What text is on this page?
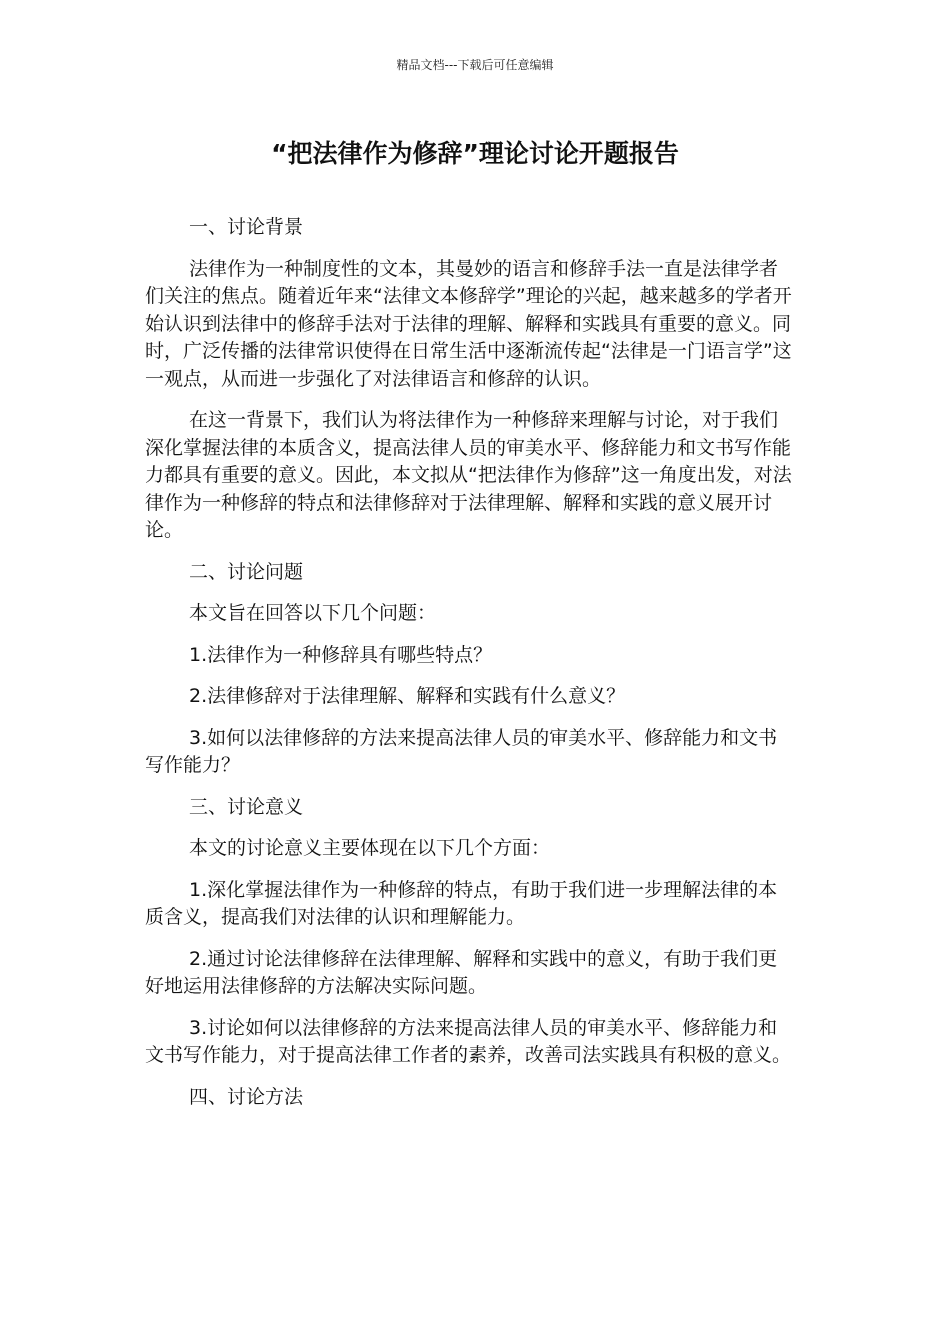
精品文档---下载后可任意编辑
“把法律作为修辞”理论讨论开题报告

一、讨论背景

法律作为一种制度性的文本，其曼妙的语言和修辞手法一直是法律学者们关注的焦点。随着近年来“法律文本修辞学”理论的兴起，越来越多的学者开始认识到法律中的修辞手法对于法律的理解、解释和实践具有重要的意义。同时，广泛传播的法律常识使得在日常生活中逐渐流传起“法律是一门语言学”这一观点，从而进一步强化了对法律语言和修辞的认识。

在这一背景下，我们认为将法律作为一种修辞来理解与讨论，对于我们深化掌握法律的本质含义，提高法律人员的审美水平、修辞能力和文书写作能力都具有重要的意义。因此，本文拟从“把法律作为修辞”这一角度出发，对法律作为一种修辞的特点和法律修辞对于法律理解、解释和实践的意义展开讨论。

二、讨论问题

本文旨在回答以下几个问题：

1.法律作为一种修辞具有哪些特点？

2.法律修辞对于法律理解、解释和实践有什么意义？

3.如何以法律修辞的方法来提高法律人员的审美水平、修辞能力和文书写作能力？

三、讨论意义

本文的讨论意义主要体现在以下几个方面：

1.深化掌握法律作为一种修辞的特点，有助于我们进一步理解法律的本质含义，提高我们对法律的认识和理解能力。

2.通过讨论法律修辞在法律理解、解释和实践中的意义，有助于我们更好地运用法律修辞的方法解决实际问题。

3.讨论如何以法律修辞的方法来提高法律人员的审美水平、修辞能力和文书写作能力，对于提高法律工作者的素养，改善司法实践具有积极的意义。

四、讨论方法
